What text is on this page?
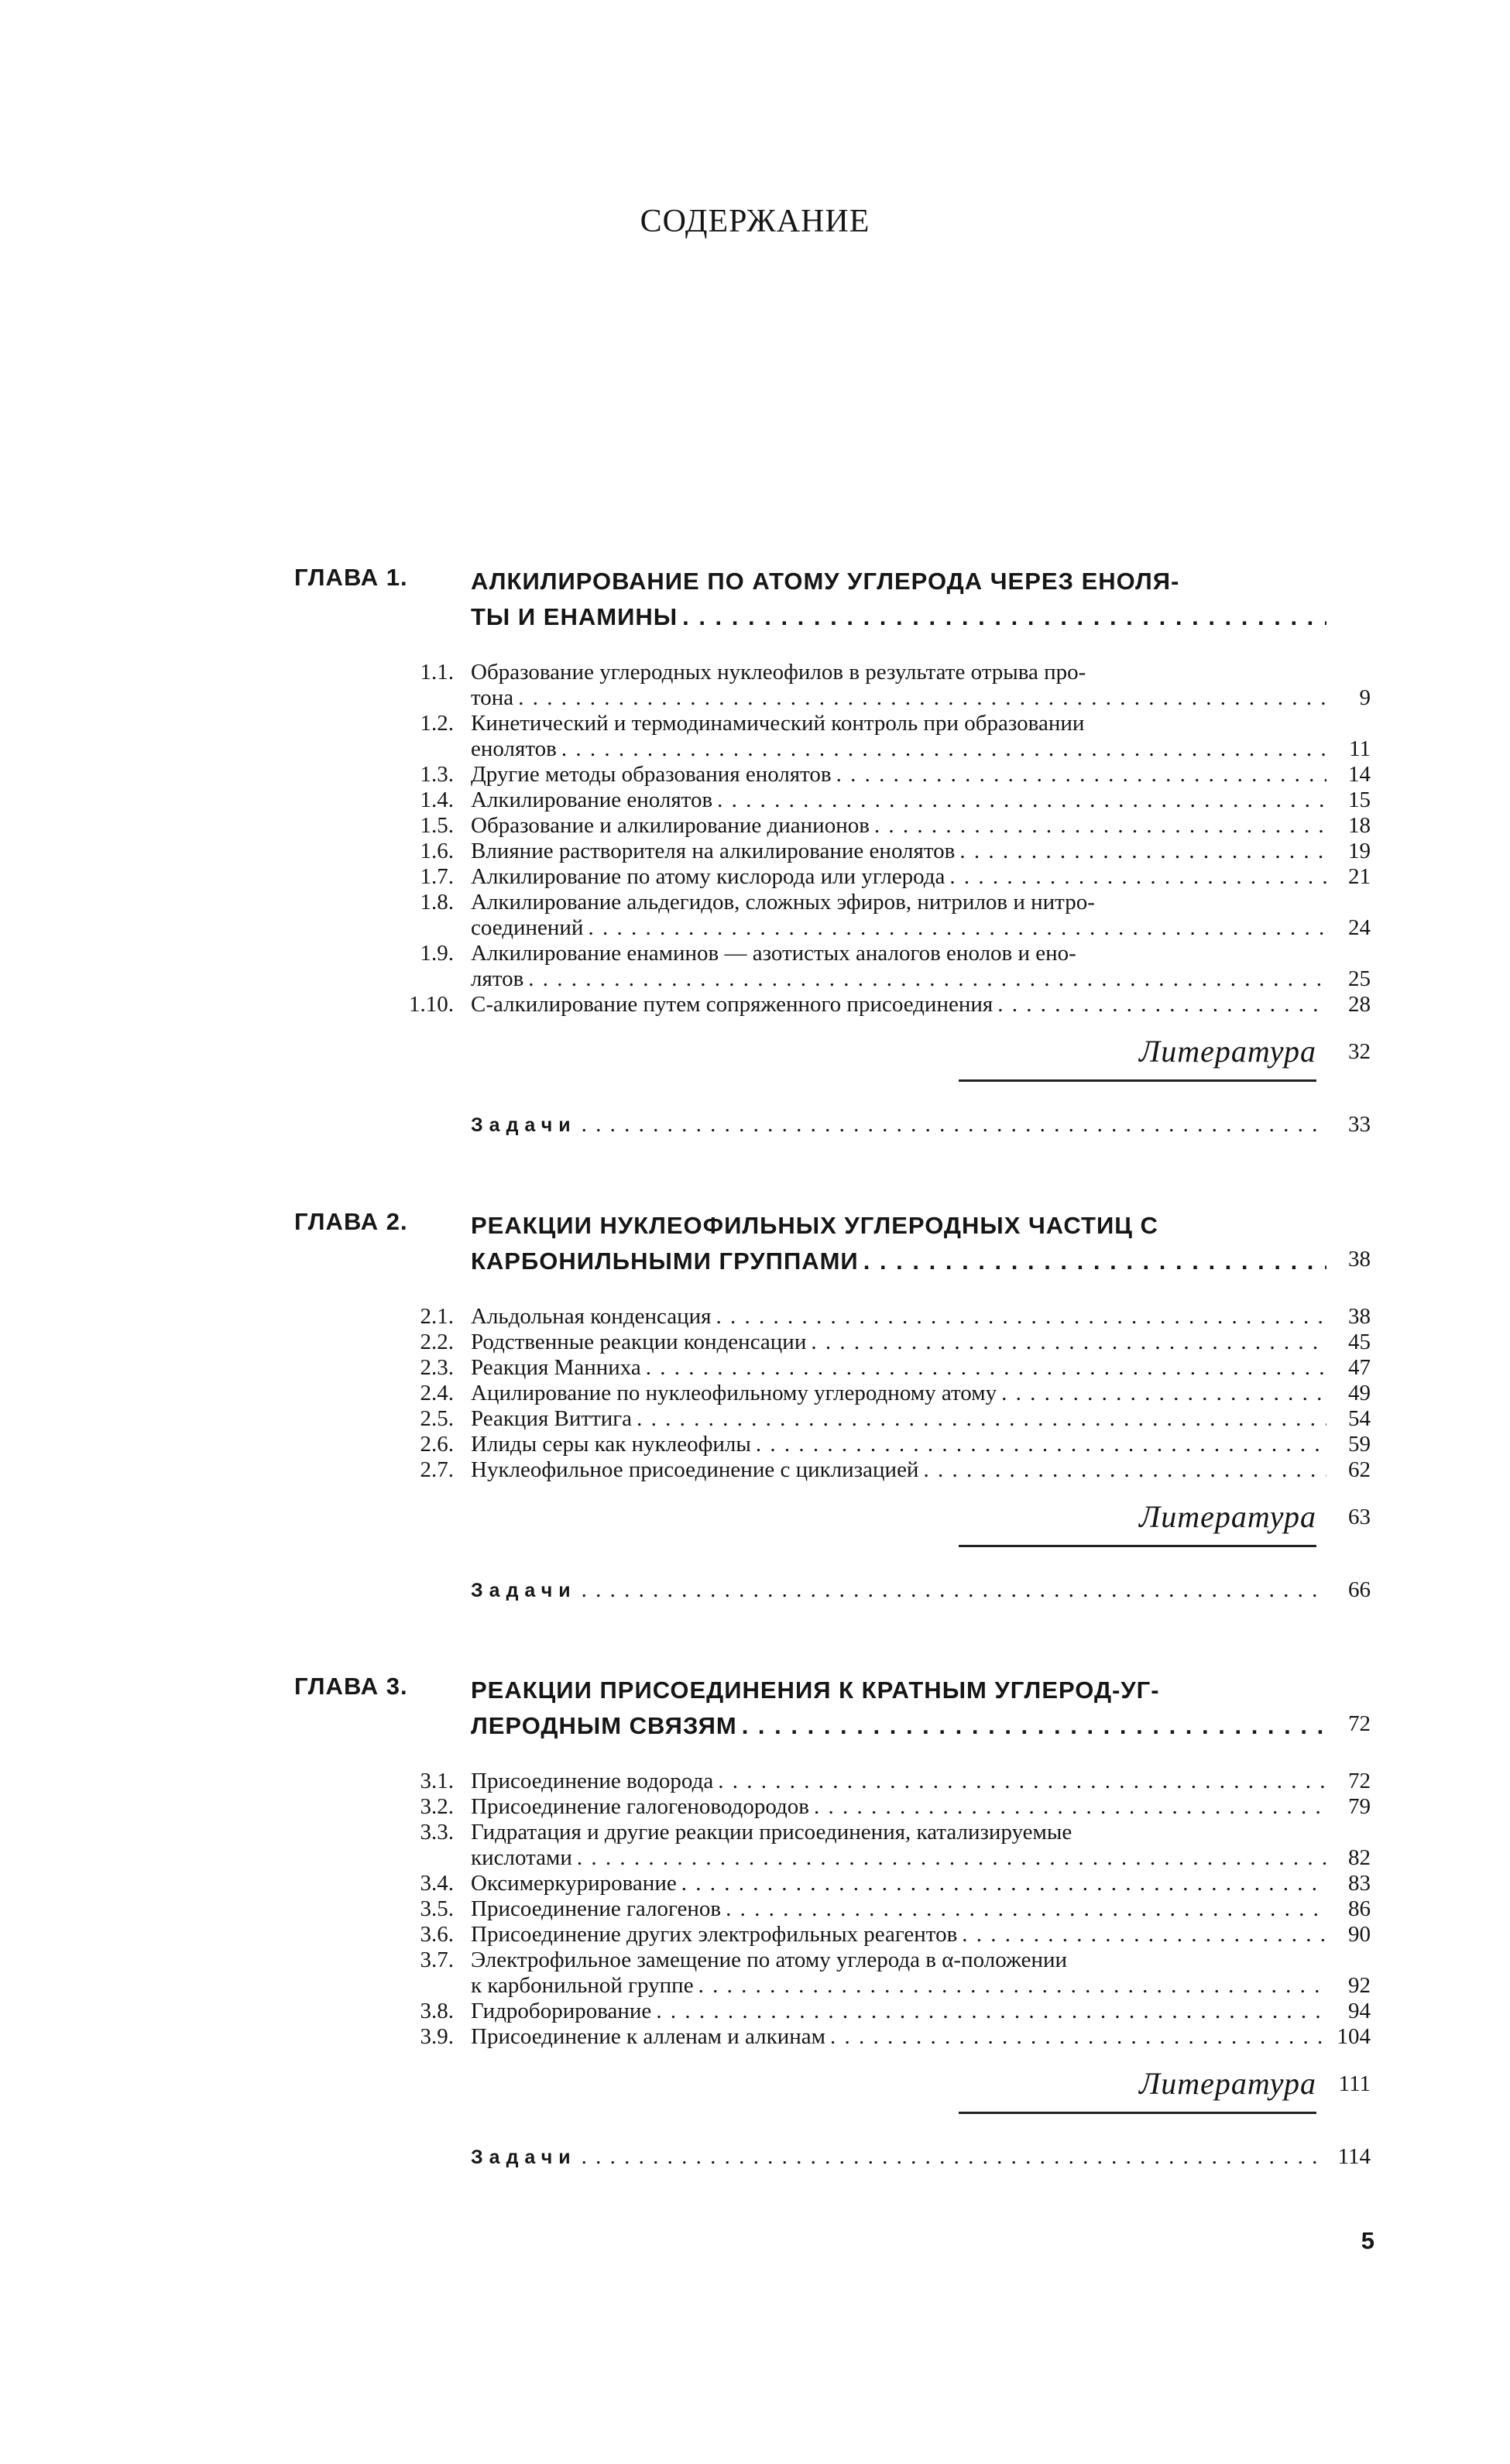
СОДЕРЖАНИЕ
ГЛАВА 1.	АЛКИЛИРОВАНИЕ ПО АТОМУ УГЛЕРОДА ЧЕРЕЗ ЕНОЛЯ-
ТЫ И ЕНАМИНЫ
. . .
1.1. Образование углеродных нуклеофилов в результате отрыва про-
тона . . .	9
1.2. Кинетический и термодинамический контроль при образовании
енолятов . . .	11
1.3. Другие методы образования енолятов . . .	14
1.4. Алкилирование енолятов . . .	15
1.5. Образование и алкилирование дианионов . . .	18
1.6. Влияние растворителя на алкилирование енолятов . . .	19
1.7. Алкилирование по атому кислорода или углерода . . .	21
1.8. Алкилирование альдегидов, сложных эфиров, нитрилов и нитро-
соединений . . .	24
1.9. Алкилирование енаминов — азотистых аналогов енолов и ено-
лятов . . .	25
1.10. С-алкилирование путем сопряженного присоединения . . .	28
Литература	32
Задачи . . .	33
ГЛАВА 2.	РЕАКЦИИ НУКЛЕОФИЛЬНЫХ УГЛЕРОДНЫХ ЧАСТИЦ С
КАРБОНИЛЬНЫМИ ГРУППАМИ . . .	38
2.1. Альдольная конденсация . . .	38
2.2. Родственные реакции конденсации . . .	45
2.3. Реакция Манниха . . .	47
2.4. Ацилирование по нуклеофильному углеродному атому . . .	49
2.5. Реакция Виттига . . .	54
2.6. Илиды серы как нуклеофилы . . .	59
2.7. Нуклеофильное присоединение с циклизацией . . .	62
Литература	63
Задачи . . .	66
ГЛАВА 3.	РЕАКЦИИ ПРИСОЕДИНЕНИЯ К КРАТНЫМ УГЛЕРОД-УГ-
ЛЕРОДНЫМ СВЯЗЯМ . . .	72
3.1. Присоединение водорода . . .	72
3.2. Присоединение галогеноводородов . . .	79
3.3. Гидратация и другие реакции присоединения, катализируемые
кислотами . . .	82
3.4. Оксимеркурирование . . .	83
3.5. Присоединение галогенов . . .	86
3.6. Присоединение других электрофильных реагентов . . .	90
3.7. Электрофильное замещение по атому углерода в α-положении
к карбонильной группе . . .	92
3.8. Гидроборирование . . .	94
3.9. Присоединение к алленам и алкинам . . .	104
Литература 111
Задачи . . .	114
5
